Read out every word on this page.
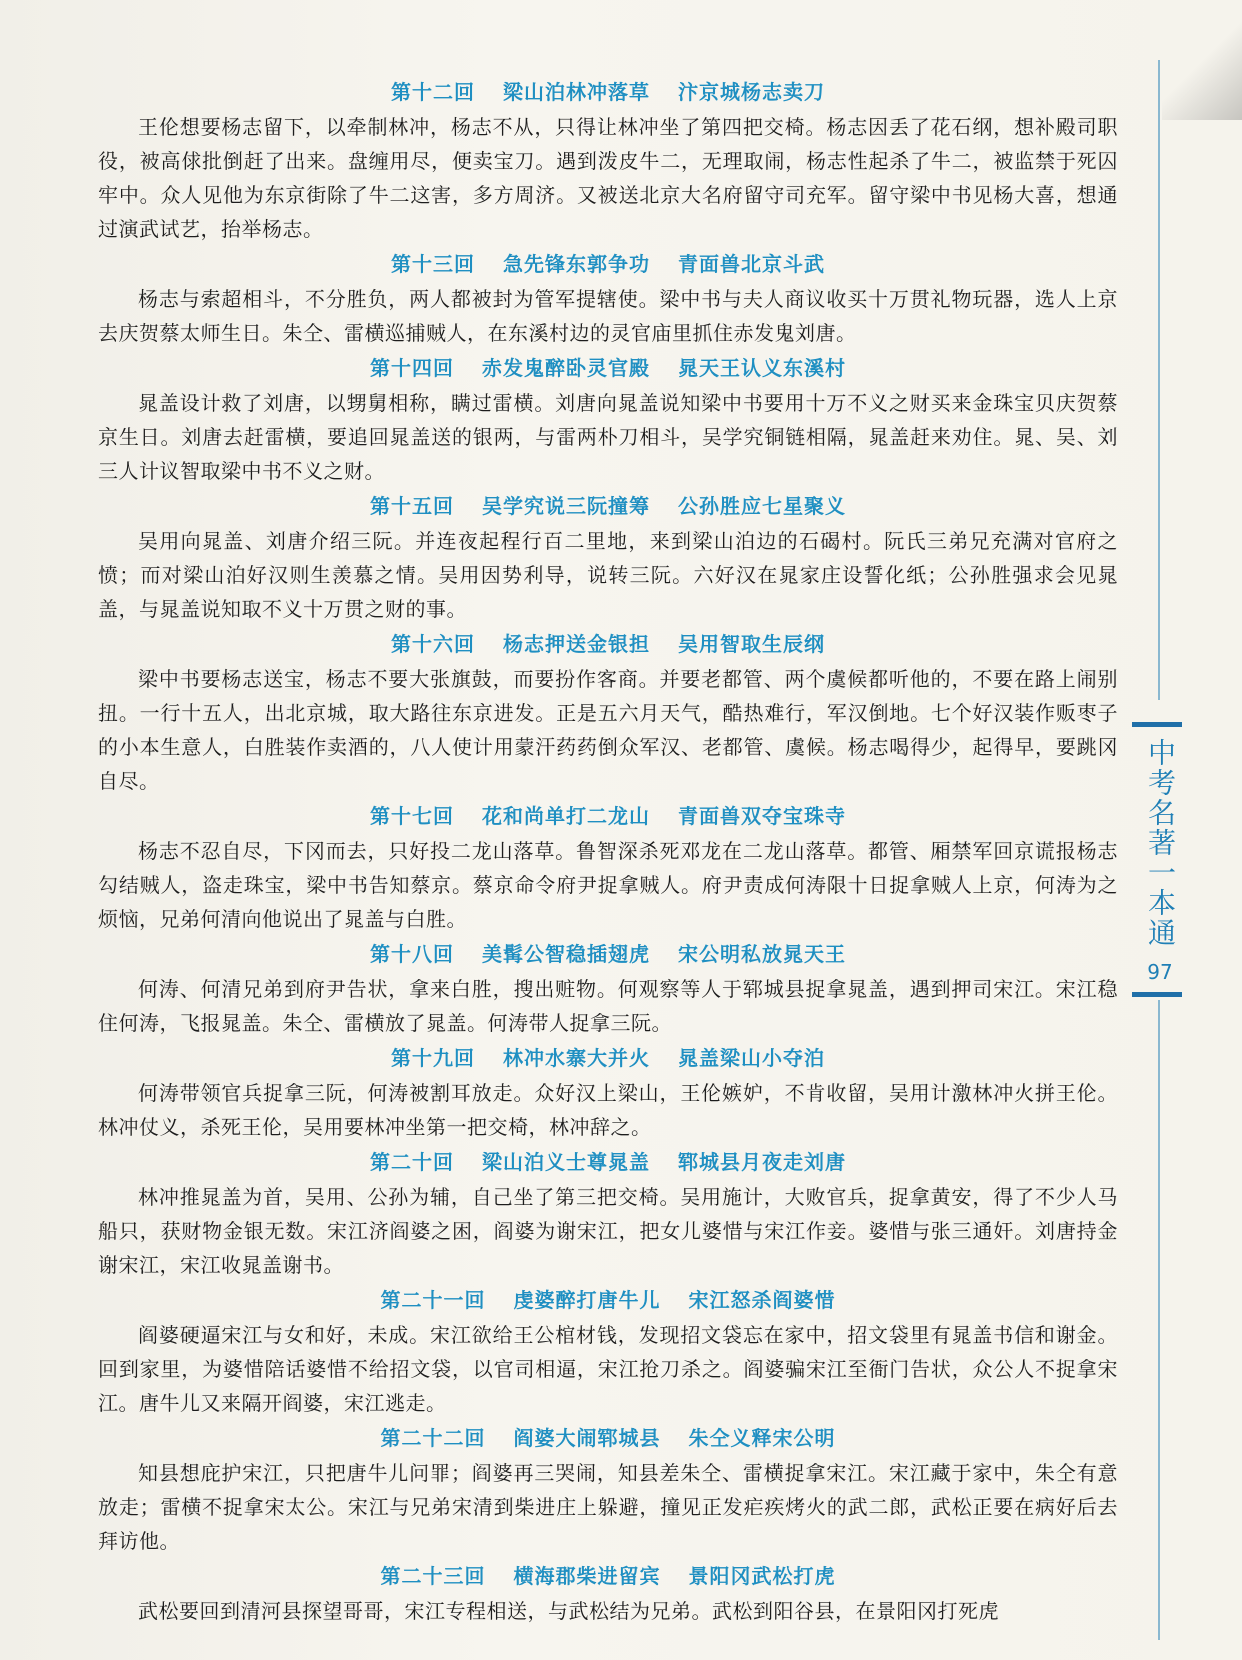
第十二回 梁山泊林冲落草 汴京城杨志卖刀

王伦想要杨志留下，以牵制林冲，杨志不从，只得让林冲坐了第四把交椅。杨志因丢了花石纲，想补殿司职役，被高俅批倒赶了出来。盘缠用尽，便卖宝刀。遇到泼皮牛二，无理取闹，杨志性起杀了牛二，被监禁于死囚牢中。众人见他为东京街除了牛二这害，多方周济。又被送北京大名府留守司充军。留守梁中书见杨大喜，想通过演武试艺，抬举杨志。

第十三回 急先锋东郭争功 青面兽北京斗武

杨志与索超相斗，不分胜负，两人都被封为管军提辖使。梁中书与夫人商议收买十万贯礼物玩器，选人上京去庆贺蔡太师生日。朱仝、雷横巡捕贼人，在东溪村边的灵官庙里抓住赤发鬼刘唐。

第十四回 赤发鬼醉卧灵官殿 晁天王认义东溪村

晁盖设计救了刘唐，以甥舅相称，瞒过雷横。刘唐向晁盖说知梁中书要用十万不义之财买来金珠宝贝庆贺蔡京生日。刘唐去赶雷横，要追回晁盖送的银两，与雷两朴刀相斗，吴学究铜链相隔，晁盖赶来劝住。晁、吴、刘三人计议智取梁中书不义之财。

第十五回 吴学究说三阮撞筹 公孙胜应七星聚义

吴用向晁盖、刘唐介绍三阮。并连夜起程行百二里地，来到梁山泊边的石碣村。阮氏三弟兄充满对官府之愤；而对梁山泊好汉则生羡慕之情。吴用因势利导，说转三阮。六好汉在晁家庄设誓化纸；公孙胜强求会见晁盖，与晁盖说知取不义十万贯之财的事。

第十六回 杨志押送金银担 吴用智取生辰纲

梁中书要杨志送宝，杨志不要大张旗鼓，而要扮作客商。并要老都管、两个虞候都听他的，不要在路上闹别扭。一行十五人，出北京城，取大路往东京进发。正是五六月天气，酷热难行，军汉倒地。七个好汉装作贩枣子的小本生意人，白胜装作卖酒的，八人使计用蒙汗药药倒众军汉、老都管、虞候。杨志喝得少，起得早，要跳冈自尽。

第十七回 花和尚单打二龙山 青面兽双夺宝珠寺

杨志不忍自尽，下冈而去，只好投二龙山落草。鲁智深杀死邓龙在二龙山落草。都管、厢禁军回京谎报杨志勾结贼人，盗走珠宝，梁中书告知蔡京。蔡京命令府尹捉拿贼人。府尹责成何涛限十日捉拿贼人上京，何涛为之烦恼，兄弟何清向他说出了晁盖与白胜。

第十八回 美髯公智稳插翅虎 宋公明私放晁天王

何涛、何清兄弟到府尹告状，拿来白胜，搜出赃物。何观察等人于郓城县捉拿晁盖，遇到押司宋江。宋江稳住何涛，飞报晁盖。朱仝、雷横放了晁盖。何涛带人捉拿三阮。

第十九回 林冲水寨大并火 晁盖梁山小夺泊

何涛带领官兵捉拿三阮，何涛被割耳放走。众好汉上梁山，王伦嫉妒，不肯收留，吴用计激林冲火拼王伦。林冲仗义，杀死王伦，吴用要林冲坐第一把交椅，林冲辞之。

第二十回 梁山泊义士尊晁盖 郓城县月夜走刘唐

林冲推晁盖为首，吴用、公孙为辅，自己坐了第三把交椅。吴用施计，大败官兵，捉拿黄安，得了不少人马船只，获财物金银无数。宋江济阎婆之困，阎婆为谢宋江，把女儿婆惜与宋江作妾。婆惜与张三通奸。刘唐持金谢宋江，宋江收晁盖谢书。

第二十一回 虔婆醉打唐牛儿 宋江怒杀阎婆惜

阎婆硬逼宋江与女和好，未成。宋江欲给王公棺材钱，发现招文袋忘在家中，招文袋里有晁盖书信和谢金。回到家里，为婆惜陪话婆惜不给招文袋，以官司相逼，宋江抢刀杀之。阎婆骗宋江至衙门告状，众公人不捉拿宋江。唐牛儿又来隔开阎婆，宋江逃走。

第二十二回 阎婆大闹郓城县 朱仝义释宋公明

知县想庇护宋江，只把唐牛儿问罪；阎婆再三哭闹，知县差朱仝、雷横捉拿宋江。宋江藏于家中，朱仝有意放走；雷横不捉拿宋太公。宋江与兄弟宋清到柴进庄上躲避，撞见正发疟疾烤火的武二郎，武松正要在病好后去拜访他。

第二十三回 横海郡柴进留宾 景阳冈武松打虎

武松要回到清河县探望哥哥，宋江专程相送，与武松结为兄弟。武松到阳谷县，在景阳冈打死虎

中考名著一本通
97
